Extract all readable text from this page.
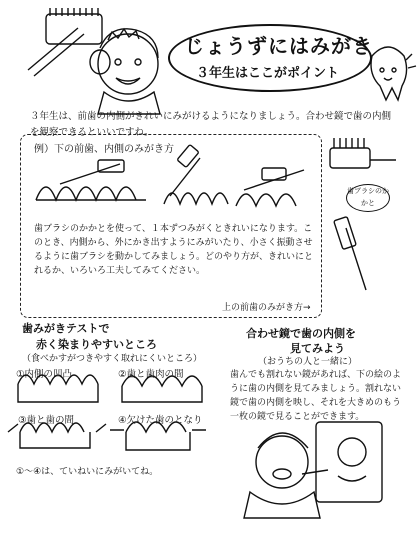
じょうずにはみがき
３年生はここがポイント
３年生は、前歯の内側がきれいにみがけるようになりましょう。合わせ鏡で歯の内側を観察できるといいですね。
例）下の前歯、内側のみがき方
歯ブラシのかかと
歯ブラシのかかとを使って、１本ずつみがくときれいになります。このとき、内側から、外にかき出すようにみがいたり、小さく振動させるように歯ブラシを動かしてみましょう。どのやり方が、きれいにとれるか、いろいろ工夫してみてください。
上の前歯のみがき方→
歯みがきテストで
赤く染まりやすいところ
（食べかすがつきやすく取れにくいところ）
①内側の凹凸	②歯と歯肉の間
③歯と歯の間	④欠けた歯のとなり
①～④は、ていねいにみがいてね。
合わせ鏡で歯の内側を
見てみよう
（おうちの人と一緒に）
歯んでも割れない鏡があれば、下の絵のように歯の内側を見てみましょう。割れない鏡で歯の内側を映し、それを大きめのもう一枚の鏡で見ることができます。
